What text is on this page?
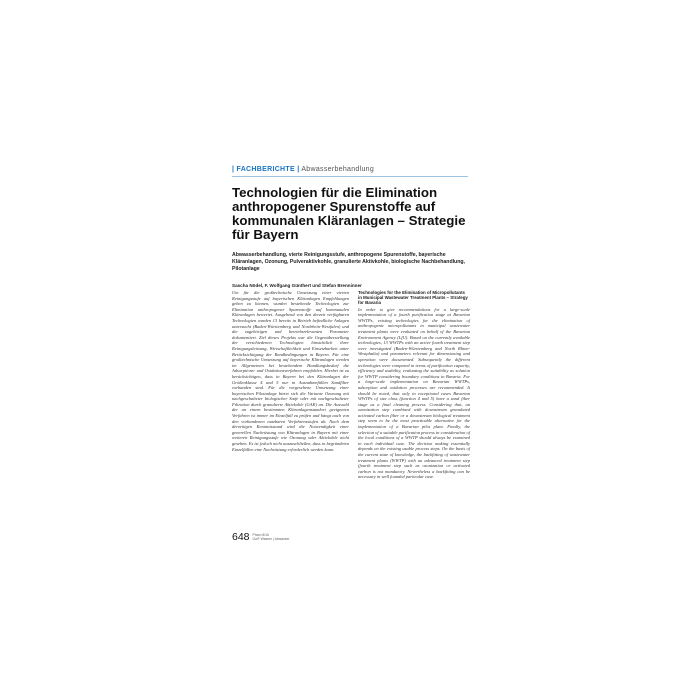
| FACHBERICHTE | Abwasserbehandlung
Technologien für die Elimination anthropogener Spurenstoffe auf kommunalen Kläranlagen – Strategie für Bayern
Abwasserbehandlung, vierte Reinigungsstufe, anthropogene Spurenstoffe, bayerische Kläranlagen, Ozonung, Pulveraktivkohle, granulierte Aktivkohle, biologische Nachbehandlung, Pilotanlage
Sascha Nödel, F. Wolfgang Günthert und Stefan Brenninner
Um für die großtechnische Umsetzung einer vierten Reinigungsstufe auf bayerischen Kläranlagen Empfehlungen geben zu können, wurden bestehende Technologien zur Elimination anthropogener Spurenstoffe auf kommunalen Kläranlagen bewertet. Ausgehend von den derzeit verfügbaren Technologien wurden 13 bereits in Betrieb befindliche Anlagen untersucht (Baden-Württemberg und Nordrhein-Westfalen) und die zugehörigen und betriebsrelevanten Parameter dokumentiert. Ziel dieses Projekts war die Gegenüberstellung der verschiedenen Technologien hinsichtlich ihrer Reinigungsleistung, Wirtschaftlichkeit und Einsetzbarkeit unter Berücksichtigung der Randbedingungen in Bayern. Für eine großtechnische Umsetzung auf bayerische Kläranlagen werden im Allgemeinen bei bestehendem Handlungsbedarf die Adsorptions- und Oxidationsverfahren empfohlen. Hierbei ist zu berücksichtigen, dass in Bayern bei den Kläranlagen der Größenklasse 4 und 5 nur in Ausnahmefällen Sandfilter vorhanden sind. Für die vorgesehene Umsetzung einer bayerischen Pilotanlage bietet sich die Variante Ozonung mit nachgeschalteter biologischer Stufe oder mit nachgeschalteter Filtration durch granulierte Aktivkohle (GAK) an. Die Auswahl der an einem bestimmten Kläranlagenstandort geeigneten Verfahren ist immer im Einzelfall zu prüfen und hängt auch von den vorhandenen nutzbaren Verfahrensstufen ab. Nach dem derzeitigen Kenntnisstand wird die Notwendigkeit einer generellen Nachrüstung von Kläranlagen in Bayern mit einer weiteren Reinigungsstufe wie Ozonung oder Aktivkohle nicht gesehen. Es ist jedoch nicht auszuschließen, dass in begründeten Einzelfällen eine Nachrüstung erforderlich werden kann.
Technologies for the Elimination of Micropollutants in Municipal Wastewater Treatment Plants – Strategy for Bavaria
In order to give recommendations for a large-scale implementation of a fourth purification stage at Bavarian WWTPs, existing technologies for the elimination of anthropogenic micropollutants in municipal wastewater treatment plants were evaluated on behalf of the Bavarian Environment Agency (LfU). Based on the currently available technologies, 13 WWTPs with an active fourth treatment step were investigated (Baden-Württemberg and North Rhine-Westphalia) and parameters relevant for dimensioning and operation were documented. Subsequently the different technologies were compared in terms of purification capacity, efficiency and usability, evaluating the suitability as solution for WWTP considering boundary conditions in Bavaria. For a large-scale implementation on Bavarian WWTPs, adsorption and oxidation processes are recommended. It should be noted, that only in exceptional cases Bavarian WWTPs of size class (function 4 and 5) have a sand filter stage as a final cleaning process. Considering that, an ozonization step combined with downstream granulated activated carbon filter or a downstream biological treatment step seem to be the most practicable alternative for the implementation of a Bavarian pilot plant. Finally, the selection of a suitable purification process in consideration of the local conditions of a WWTP should always be examined in each individual case. The decision making essentially depends on the existing usable process steps. On the basis of the current state of knowledge, the backfitting of wastewater treatment plants (WWTP) with an advanced treatment step (fourth treatment step such as ozonization or activated carbon is not mandatory. Nevertheless a backfitting can be necessary in well founded particular case.
648 Pham 8/16
GwF Wasser | Abwasser
